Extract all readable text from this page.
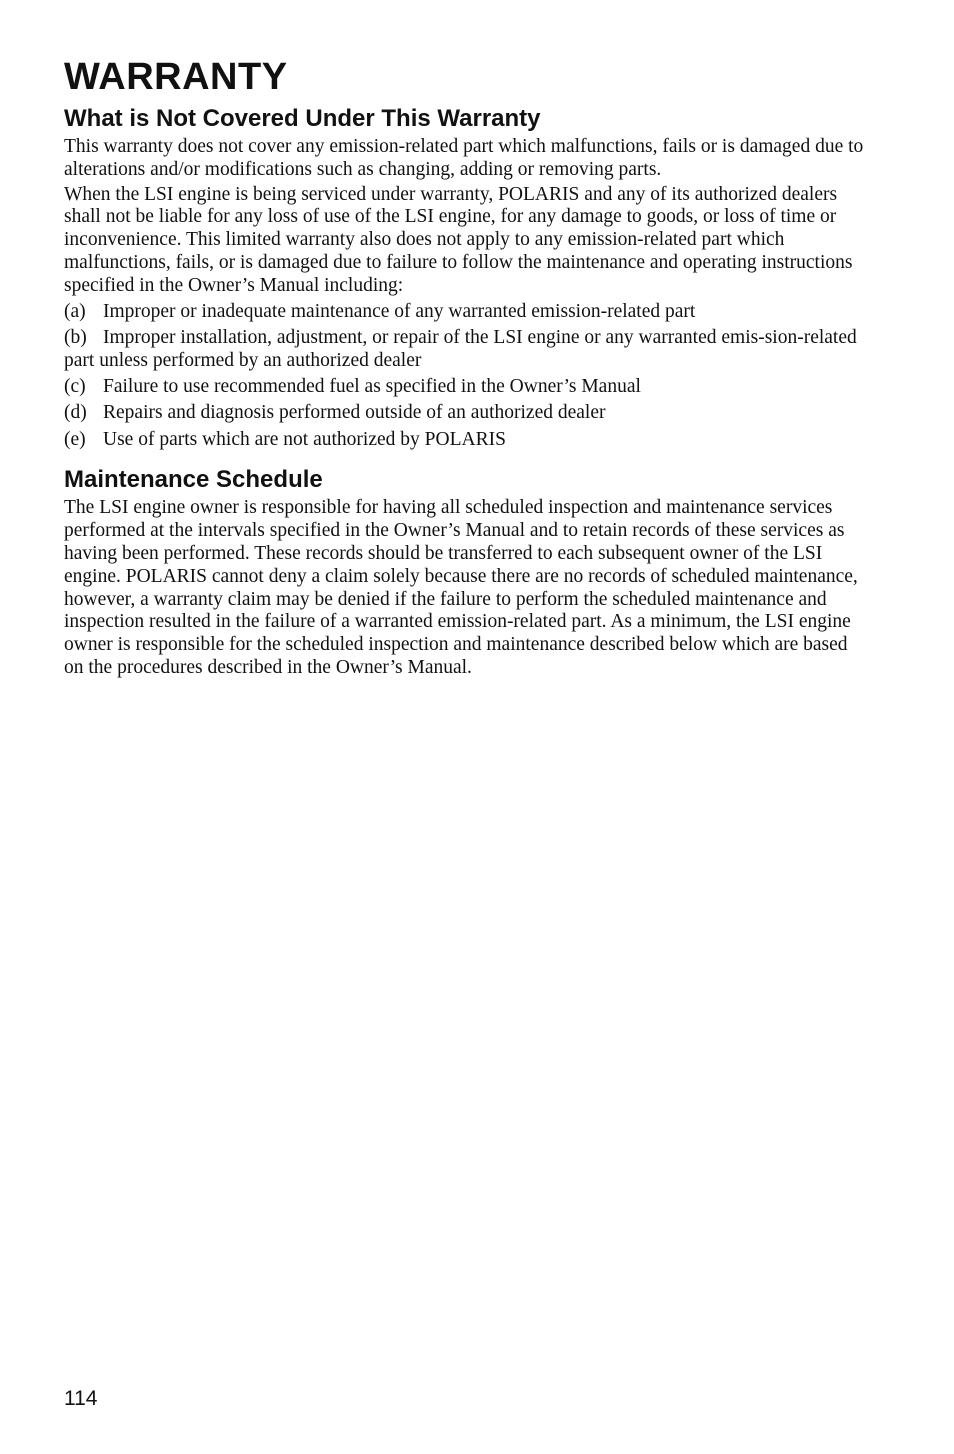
WARRANTY
What is Not Covered Under This Warranty

This warranty does not cover any emission-related part which malfunctions, fails or is damaged due to alterations and/or modifications such as changing, adding or removing parts.

When the LSI engine is being serviced under warranty, POLARIS and any of its authorized dealers shall not be liable for any loss of use of the LSI engine, for any damage to goods, or loss of time or inconvenience. This limited warranty also does not apply to any emission-related part which malfunctions, fails, or is damaged due to failure to follow the maintenance and operating instructions specified in the Owner’s Manual including:

(a) Improper or inadequate maintenance of any warranted emission-related part
(b) Improper installation, adjustment, or repair of the LSI engine or any warranted emis-sion-related part unless performed by an authorized dealer
(c) Failure to use recommended fuel as specified in the Owner’s Manual
(d) Repairs and diagnosis performed outside of an authorized dealer
(e) Use of parts which are not authorized by POLARIS
Maintenance Schedule

The LSI engine owner is responsible for having all scheduled inspection and maintenance services performed at the intervals specified in the Owner’s Manual and to retain records of these services as having been performed. These records should be transferred to each subsequent owner of the LSI engine. POLARIS cannot deny a claim solely because there are no records of scheduled maintenance, however, a warranty claim may be denied if the failure to perform the scheduled maintenance and inspection resulted in the failure of a warranted emission-related part. As a minimum, the LSI engine owner is responsible for the scheduled inspection and maintenance described below which are based on the procedures described in the Owner’s Manual.

114
